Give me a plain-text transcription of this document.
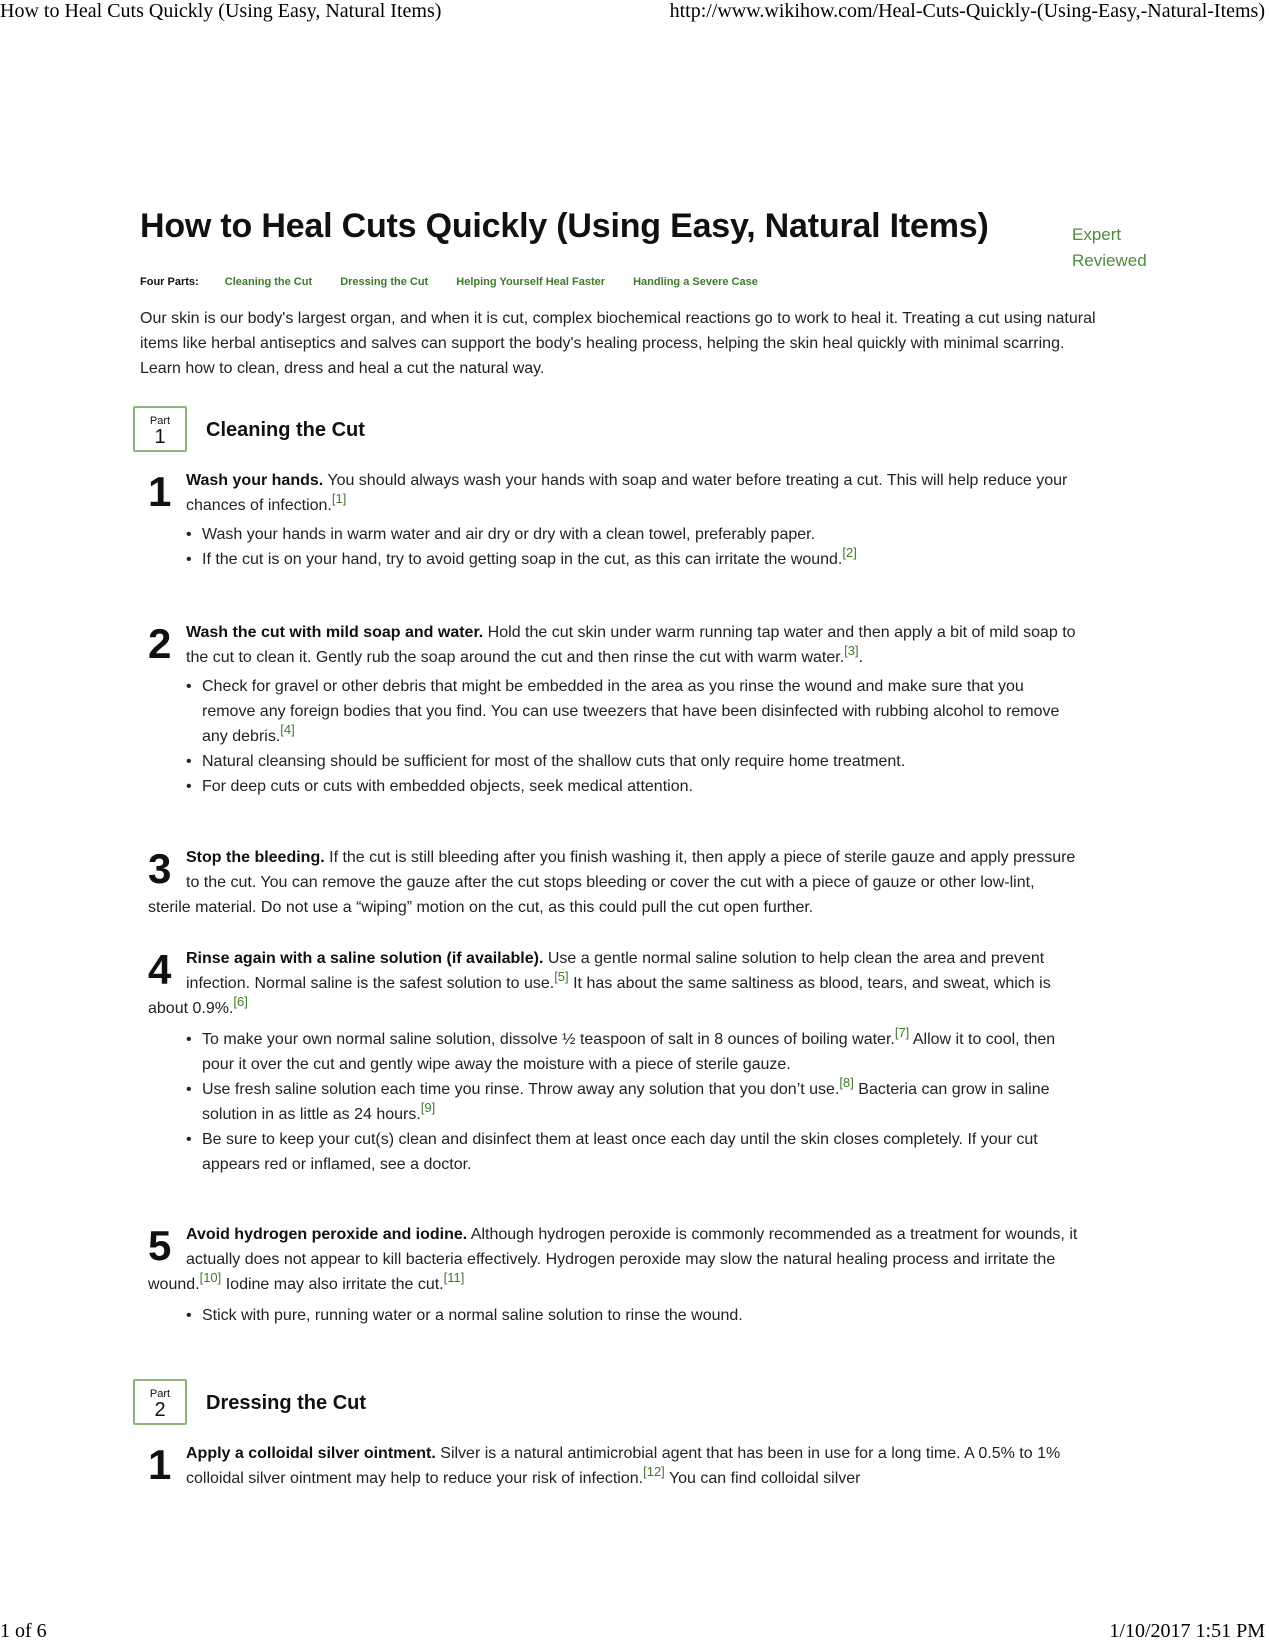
How to Heal Cuts Quickly (Using Easy, Natural Items)	http://www.wikihow.com/Heal-Cuts-Quickly-(Using-Easy,-Natural-Items)
How to Heal Cuts Quickly (Using Easy, Natural Items)	Expert
Reviewed
Four Parts: Cleaning the Cut	Dressing the Cut	Helping Yourself Heal Faster	Handling a Severe Case

Our skin is our body's largest organ, and when it is cut, complex biochemical reactions go to work to heal it. Treating a cut using natural items like herbal antiseptics and salves can support the body's healing process, helping the skin heal quickly with minimal scarring. Learn how to clean, dress and heal a cut the natural way.

Part
1	Cleaning the Cut
1 Wash your hands. You should always wash your hands with soap and water before treating a cut. This will help reduce your chances of infection.[1]

• Wash your hands in warm water and air dry or dry with a clean towel, preferably paper.
• If the cut is on your hand, try to avoid getting soap in the cut, as this can irritate the wound.[2]
2 Wash the cut with mild soap and water. Hold the cut skin under warm running tap water and then apply a bit of mild soap to the cut to clean it. Gently rub the soap around the cut and then rinse the cut with warm water.[3].

• Check for gravel or other debris that might be embedded in the area as you rinse the wound and make sure that you remove any foreign bodies that you find. You can use tweezers that have been disinfected with rubbing alcohol to remove any debris.[4]
• Natural cleansing should be sufficient for most of the shallow cuts that only require home treatment.
• For deep cuts or cuts with embedded objects, seek medical attention.
3 Stop the bleeding. If the cut is still bleeding after you finish washing it, then apply a piece of sterile gauze and apply pressure to the cut. You can remove the gauze after the cut stops bleeding or cover the cut with a piece of gauze or other low-lint, sterile material. Do not use a “wiping” motion on the cut, as this could pull the cut open further.

4 Rinse again with a saline solution (if available). Use a gentle normal saline solution to help clean the area and prevent infection. Normal saline is the safest solution to use.[5] It has about the same saltiness as blood, tears, and sweat, which is about 0.9%.[6]

• To make your own normal saline solution, dissolve ½ teaspoon of salt in 8 ounces of boiling water.[7] Allow it to cool, then pour it over the cut and gently wipe away the moisture with a piece of sterile gauze.
• Use fresh saline solution each time you rinse. Throw away any solution that you don’t use.[8] Bacteria can grow in saline solution in as little as 24 hours.[9]
• Be sure to keep your cut(s) clean and disinfect them at least once each day until the skin closes completely. If your cut appears red or inflamed, see a doctor.
5 Avoid hydrogen peroxide and iodine. Although hydrogen peroxide is commonly recommended as a treatment for wounds, it actually does not appear to kill bacteria effectively. Hydrogen peroxide may slow the natural healing process and irritate the wound.[10] Iodine may also irritate the cut.[11]

• Stick with pure, running water or a normal saline solution to rinse the wound.
Part
2	Dressing the Cut
1 Apply a colloidal silver ointment. Silver is a natural antimicrobial agent that has been in use for a long time. A 0.5% to 1% colloidal silver ointment may help to reduce your risk of infection.[12] You can find colloidal silver

1 of 6	1/10/2017 1:51 PM
